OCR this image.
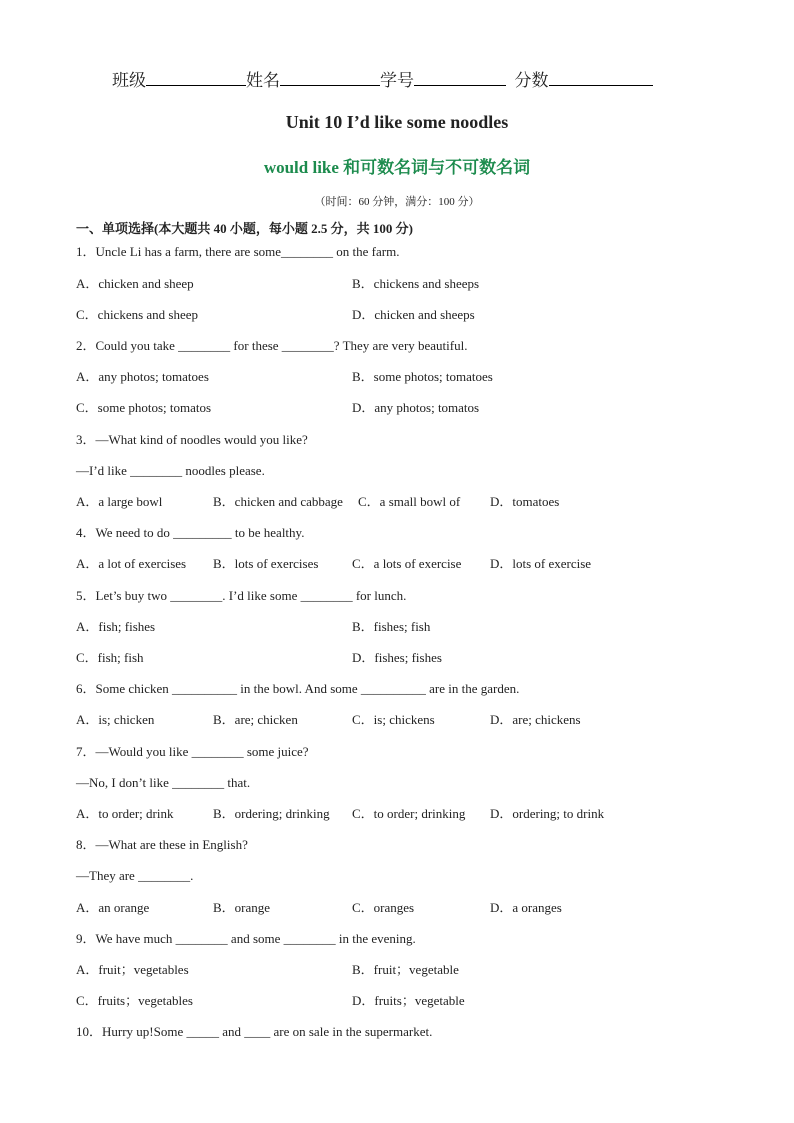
班级	姓名	学号	分数
Unit 10 I’d like some noodles
would like 和可数名词与不可数名词
（时间：60 分钟，满分：100 分）
一、单项选择(本大题共 40 小题，每小题 2.5 分，共 100 分)
1．Uncle Li has a farm, there are some________ on the farm.
A．chicken and sheep	B．chickens and sheeps
C．chickens and sheep	D．chicken and sheeps
2．Could you take ________ for these ________? They are very beautiful.
A．any photos; tomatoes	B．some photos; tomatoes
C．some photos; tomatos	D．any photos; tomatos
3．—What kind of noodles would you like?
—I’d like ________ noodles please.
A．a large bowl	B．chicken and cabbage C．a small bowl of D．tomatoes
4．We need to do _________ to be healthy.
A．a lot of exercises B．lots of exercises	C．a lots of exercise D．lots of exercise
5．Let’s buy two ________. I’d like some ________ for lunch.
A．fish; fishes	B．fishes; fish
C．fish; fish	D．fishes; fishes
6．Some chicken __________ in the bowl. And some __________ are in the garden.
A．is; chicken	B．are; chicken	C．is; chickens	D．are; chickens
7．—Would you like ________ some juice?
—No, I don’t like ________ that.
A．to order; drink	B．ordering; drinking C．to order; drinking D．ordering; to drink
8．—What are these in English?
—They are ________.
A．an orange	B．orange	C．oranges	D．a oranges
9．We have much ________ and some ________ in the evening.
A．fruit；vegetables	B．fruit；vegetable
C．fruits；vegetables	D．fruits；vegetable
10．Hurry up!Some _____ and ____ are on sale in the supermarket.
